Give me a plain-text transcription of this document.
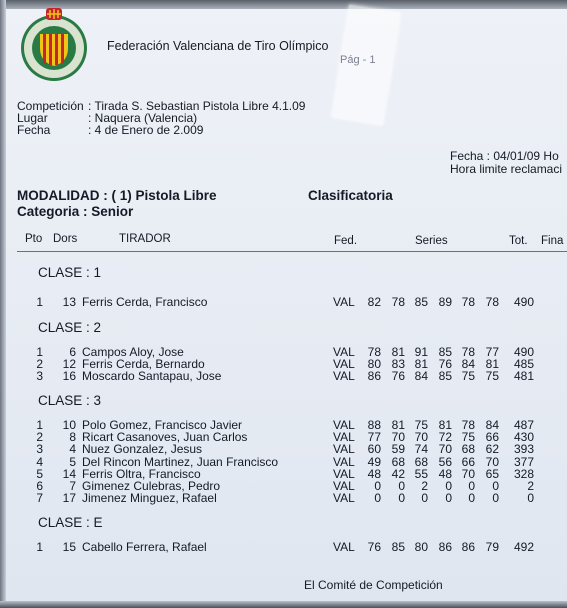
Federación Valenciana de Tiro Olímpico
Pág - 1
Competición : Tirada S. Sebastian Pistola Libre 4.1.09
Lugar	: Naquera (Valencia)
Fecha	: 4 de Enero de 2.009
Fecha : 04/01/09 Ho
Hora limite reclamaci
MODALIDAD : ( 1) Pistola Libre
Categoria : Senior
Clasificatoria
Pto Dors	TIRADOR	Fed.	Series	Tot. Fina
CLASE : 1
1	13 Ferris Cerda, Francisco	VAL 82 78 85 89 78 78	490
CLASE : 2
1	6 Campos Aloy, Jose	VAL 78 81 91 85 78 77	490
2	12 Ferris Cerda, Bernardo	VAL 80 83 81 76 84 81	485
3	16 Moscardo Santapau, Jose	VAL 86 76 84 85 75 75	481
CLASE : 3
1	10 Polo Gomez, Francisco Javier	VAL 88 81 75 81 78 84	487
2	8 Ricart Casanoves, Juan Carlos	VAL 77 70 70 72 75 66	430
3	4 Nuez Gonzalez, Jesus	VAL 60 59 74 70 68 62	393
4	5 Del Rincon Martinez, Juan Francisco	VAL 49 68 68 56 66 70	377
5	14 Ferris Oltra, Francisco	VAL 48 42 55 48 70 65	328
6	7 Gimenez Culebras, Pedro	VAL	0	0	2	0	0	0	2
7	17 Jimenez Minguez, Rafael	VAL	0	0	0	0	0	0	0
CLASE : E
1	15 Cabello Ferrera, Rafael	VAL 76 85 80 86 86 79	492
El Comité de Competición
